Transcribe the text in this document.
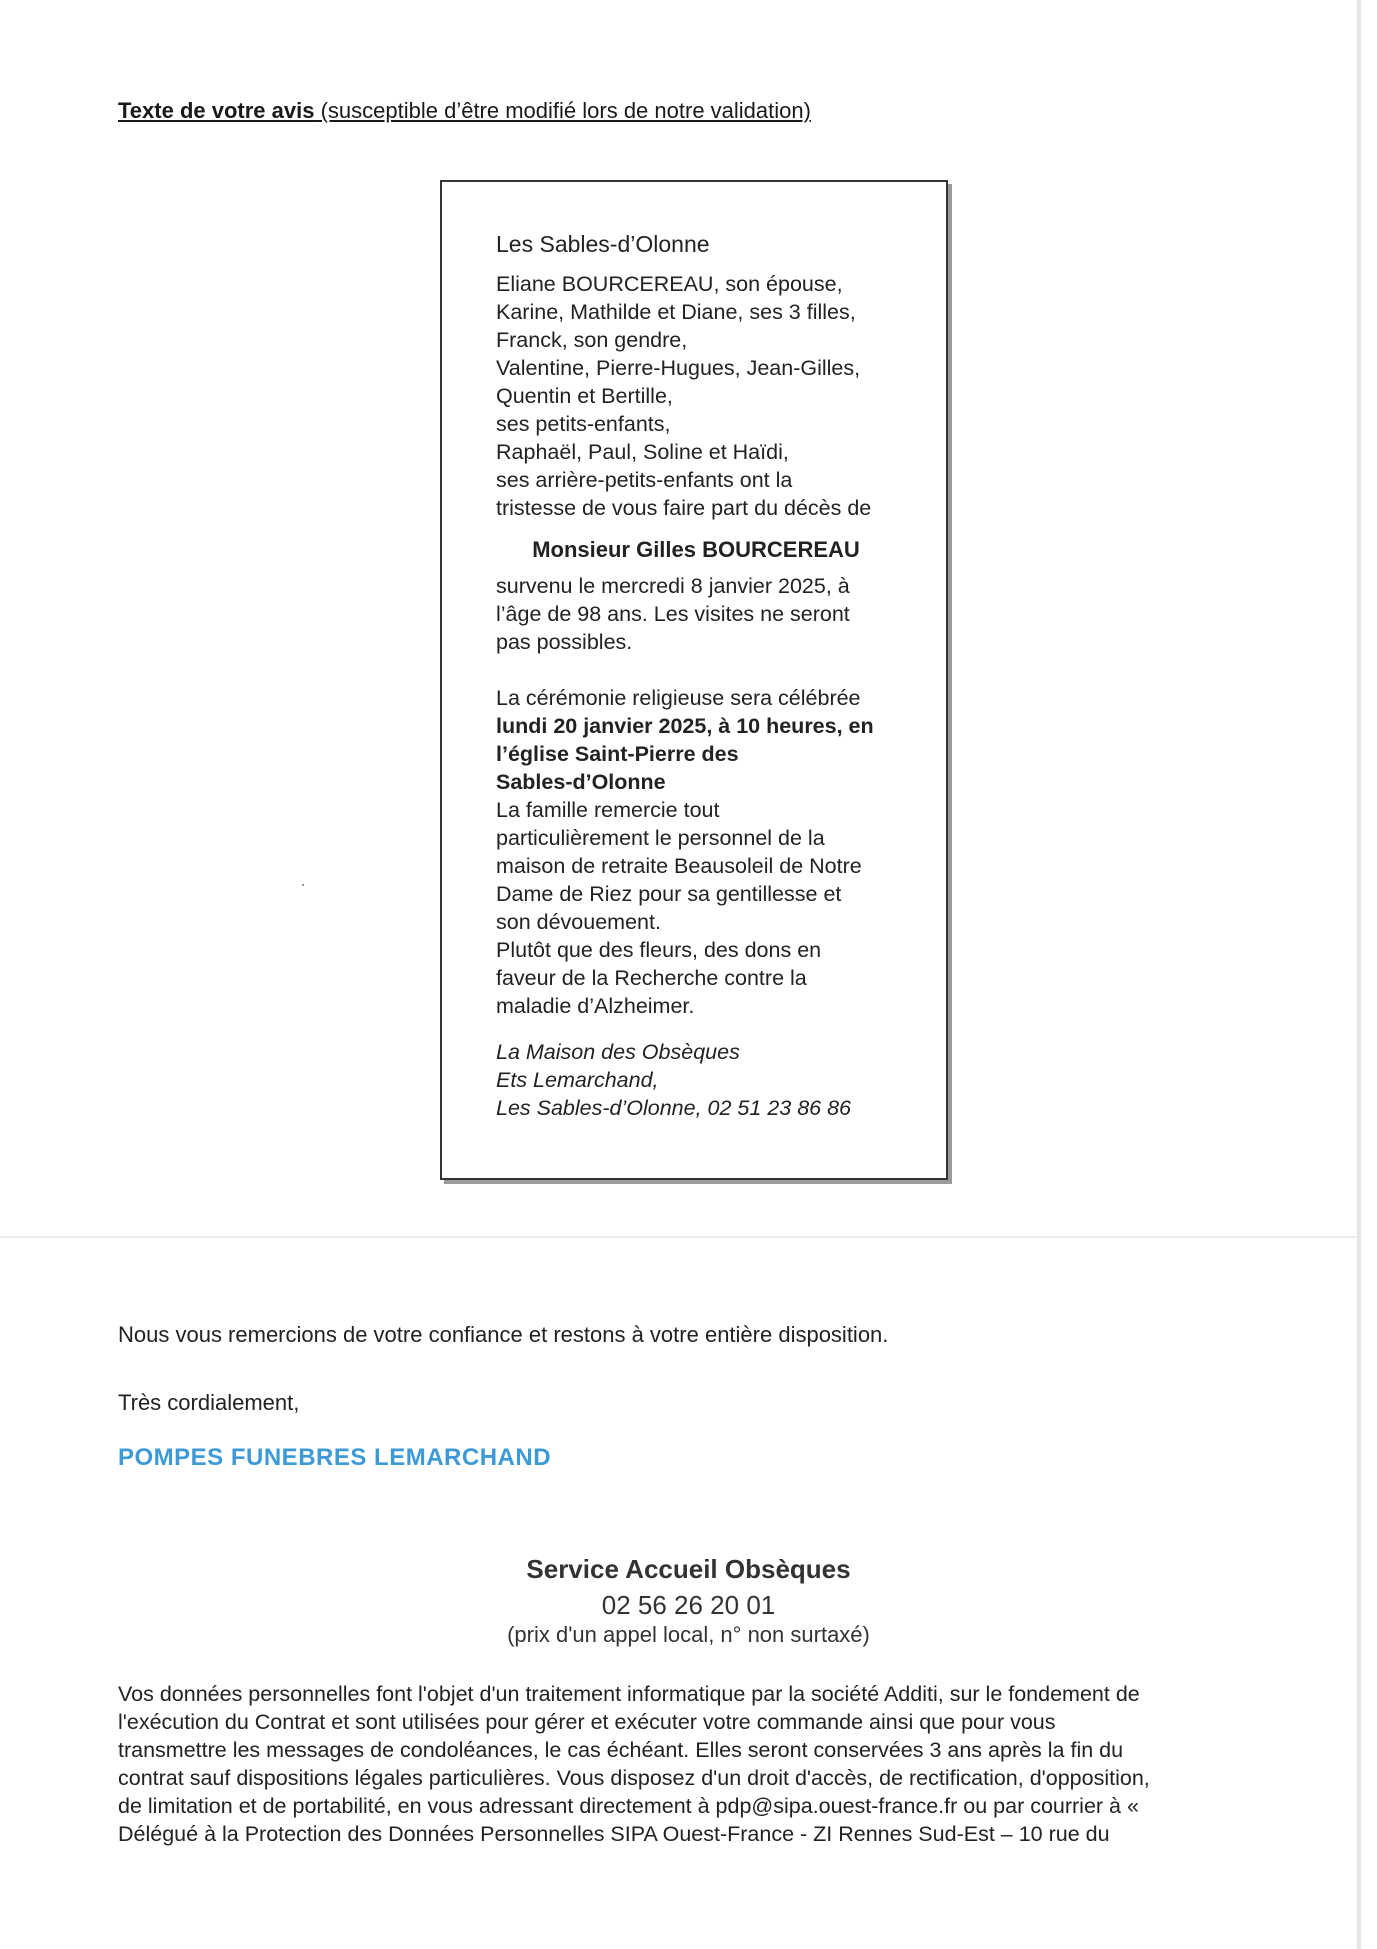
Texte de votre avis (susceptible d’être modifié lors de notre validation)
Les Sables-d’Olonne
Eliane BOURCEREAU, son épouse,
Karine, Mathilde et Diane, ses 3 filles,
Franck, son gendre,
Valentine, Pierre-Hugues, Jean-Gilles,
Quentin et Bertille,
ses petits-enfants,
Raphaël, Paul, Soline et Haïdi,
ses arrière-petits-enfants ont la
tristesse de vous faire part du décès de
Monsieur Gilles BOURCEREAU
survenu le mercredi 8 janvier 2025, à
l’âge de 98 ans. Les visites ne seront
pas possibles.
La cérémonie religieuse sera célébrée
lundi 20 janvier 2025, à 10 heures, en
l’église Saint-Pierre des
Sables-d’Olonne
La famille remercie tout
particulièrement le personnel de la
maison de retraite Beausoleil de Notre
Dame de Riez pour sa gentillesse et
son dévouement.
Plutôt que des fleurs, des dons en
faveur de la Recherche contre la
maladie d’Alzheimer.
La Maison des Obsèques
Ets Lemarchand,
Les Sables-d’Olonne, 02 51 23 86 86
Nous vous remercions de votre confiance et restons à votre entière disposition.
Très cordialement,
POMPES FUNEBRES LEMARCHAND
Service Accueil Obsèques
02 56 26 20 01
(prix d'un appel local, n° non surtaxé)
Vos données personnelles font l'objet d'un traitement informatique par la société Additi, sur le fondement de
l'exécution du Contrat et sont utilisées pour gérer et exécuter votre commande ainsi que pour vous
transmettre les messages de condoléances, le cas échéant. Elles seront conservées 3 ans après la fin du
contrat sauf dispositions légales particulières. Vous disposez d'un droit d'accès, de rectification, d'opposition,
de limitation et de portabilité, en vous adressant directement à pdp@sipa.ouest-france.fr ou par courrier à «
Délégué à la Protection des Données Personnelles SIPA Ouest-France - ZI Rennes Sud-Est – 10 rue du
